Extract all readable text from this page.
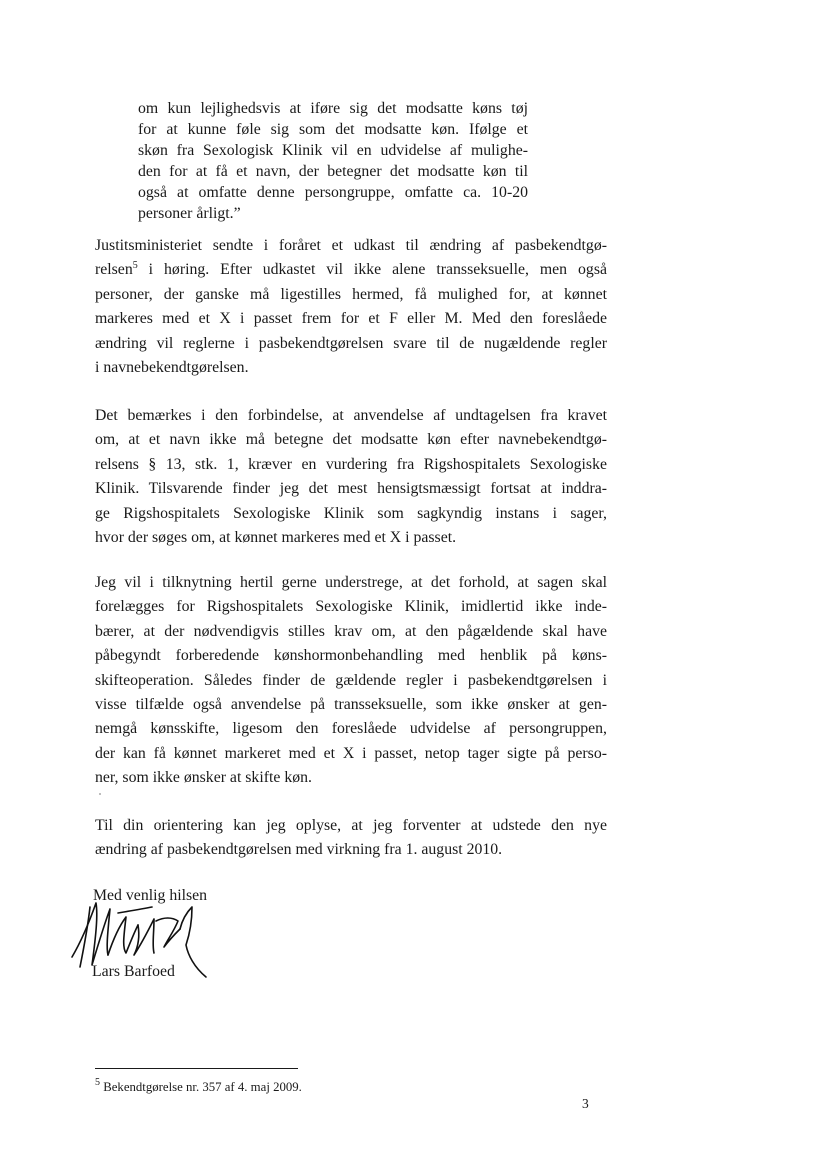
om kun lejlighedsvis at iføre sig det modsatte køns tøj
for at kunne føle sig som det modsatte køn. Ifølge et
skøn fra Sexologisk Klinik vil en udvidelse af mulighe-
den for at få et navn, der betegner det modsatte køn til
også at omfatte denne persongruppe, omfatte ca. 10-20
personer årligt.”
Justitsministeriet sendte i foråret et udkast til ændring af pasbekendtgø-
relsen$^5$ i høring. Efter udkastet vil ikke alene transseksuelle, men også
personer, der ganske må ligestilles hermed, få mulighed for, at kønnet
markeres med et X i passet frem for et F eller M. Med den foreslåede
ændring vil reglerne i pasbekendtgørelsen svare til de nugældende regler
i navnebekendtgørelsen.
Det bemærkes i den forbindelse, at anvendelse af undtagelsen fra kravet
om, at et navn ikke må betegne det modsatte køn efter navnebekendtgø-
relsens § 13, stk. 1, kræver en vurdering fra Rigshospitalets Sexologiske
Klinik. Tilsvarende finder jeg det mest hensigtsmæssigt fortsat at inddra-
ge Rigshospitalets Sexologiske Klinik som sagkyndig instans i sager,
hvor der søges om, at kønnet markeres med et X i passet.
Jeg vil i tilknytning hertil gerne understrege, at det forhold, at sagen skal
forelægges for Rigshospitalets Sexologiske Klinik, imidlertid ikke inde-
bærer, at der nødvendigvis stilles krav om, at den pågældende skal have
påbegyndt forberedende kønshormonbehandling med henblik på køns-
skifteoperation. Således finder de gældende regler i pasbekendtgørelsen i
visse tilfælde også anvendelse på transseksuelle, som ikke ønsker at gen-
nemgå kønsskifte, ligesom den foreslåede udvidelse af persongruppen,
der kan få kønnet markeret med et X i passet, netop tager sigte på perso-
ner, som ikke ønsker at skifte køn.
Til din orientering kan jeg oplyse, at jeg forventer at udstede den nye
ændring af pasbekendtgørelsen med virkning fra 1. august 2010.
Med venlig hilsen
Lars Barfoed
$^5$ Bekendtgørelse nr. 357 af 4. maj 2009.
3
